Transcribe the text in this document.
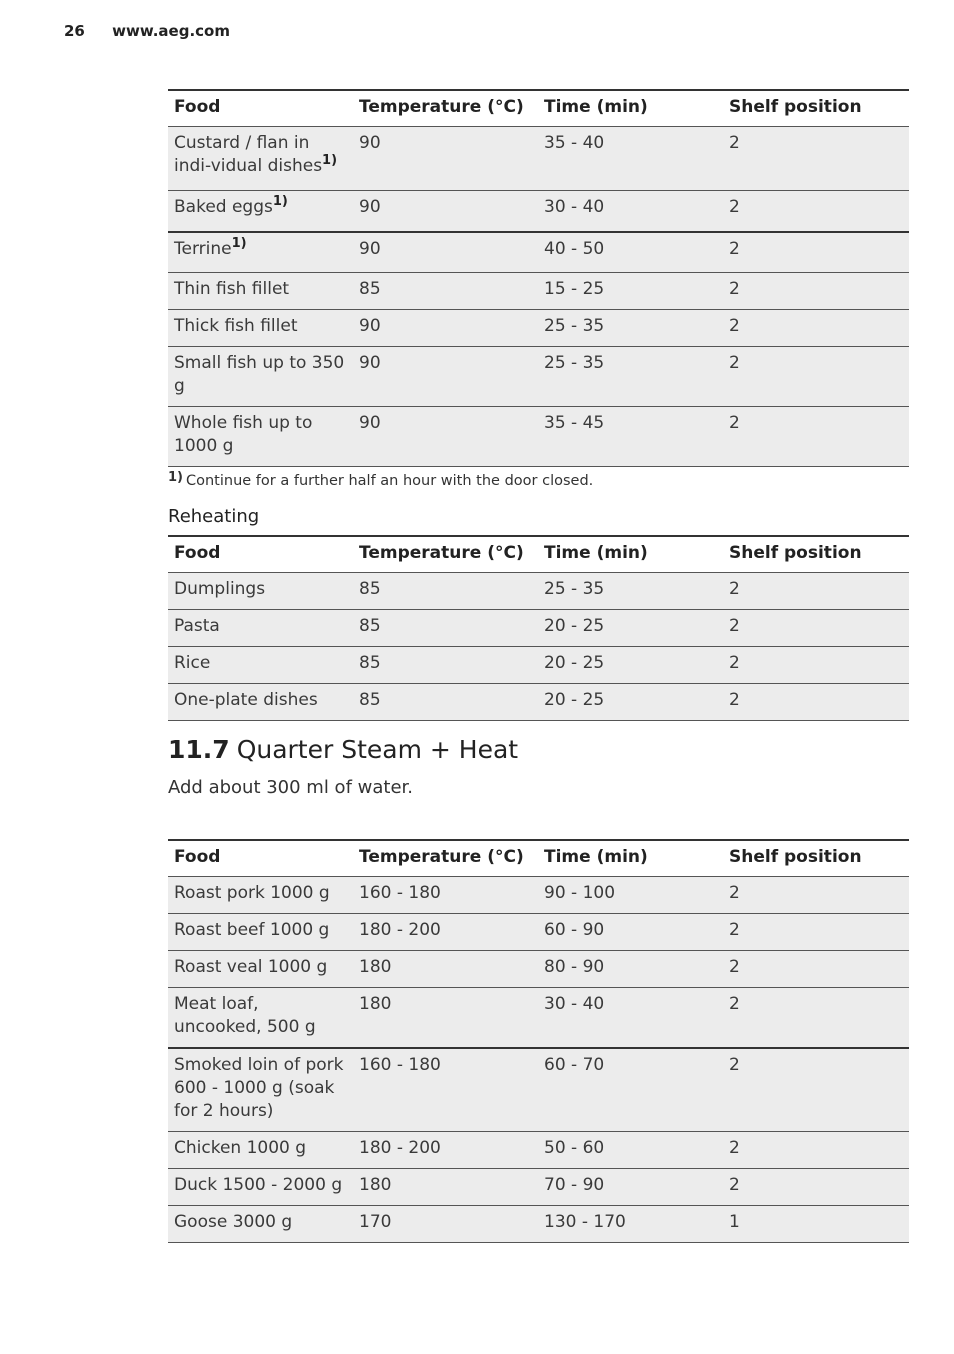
26 www.aeg.com
Food	Temperature (°C)	Time (min)	Shelf position
Custard / flan in indi-vidual dishes$^{1)}$	90	35 - 40	2
Baked eggs$^{1)}$	90	30 - 40	2
Terrine$^{1)}$	90	40 - 50	2
Thin fish fillet	85	15 - 25	2
Thick fish fillet	90	25 - 35	2
Small fish up to 350 g	90	25 - 35	2
Whole fish up to 1000 g	90	35 - 45	2
1) Continue for a further half an hour with the door closed.
Reheating
Food	Temperature (°C)	Time (min)	Shelf position
Dumplings	85	25 - 35	2
Pasta	85	20 - 25	2
Rice	85	20 - 25	2
One-plate dishes	85	20 - 25	2
11.7 Quarter Steam + Heat
Add about 300 ml of water.
Food	Temperature (°C)	Time (min)	Shelf position
Roast pork 1000 g	160 - 180	90 - 100	2
Roast beef 1000 g	180 - 200	60 - 90	2
Roast veal 1000 g	180	80 - 90	2
Meat loaf, uncooked, 500 g	180	30 - 40	2
Smoked loin of pork 600 - 1000 g (soak for 2 hours)	160 - 180	60 - 70	2
Chicken 1000 g	180 - 200	50 - 60	2
Duck 1500 - 2000 g	180	70 - 90	2
Goose 3000 g	170	130 - 170	1
